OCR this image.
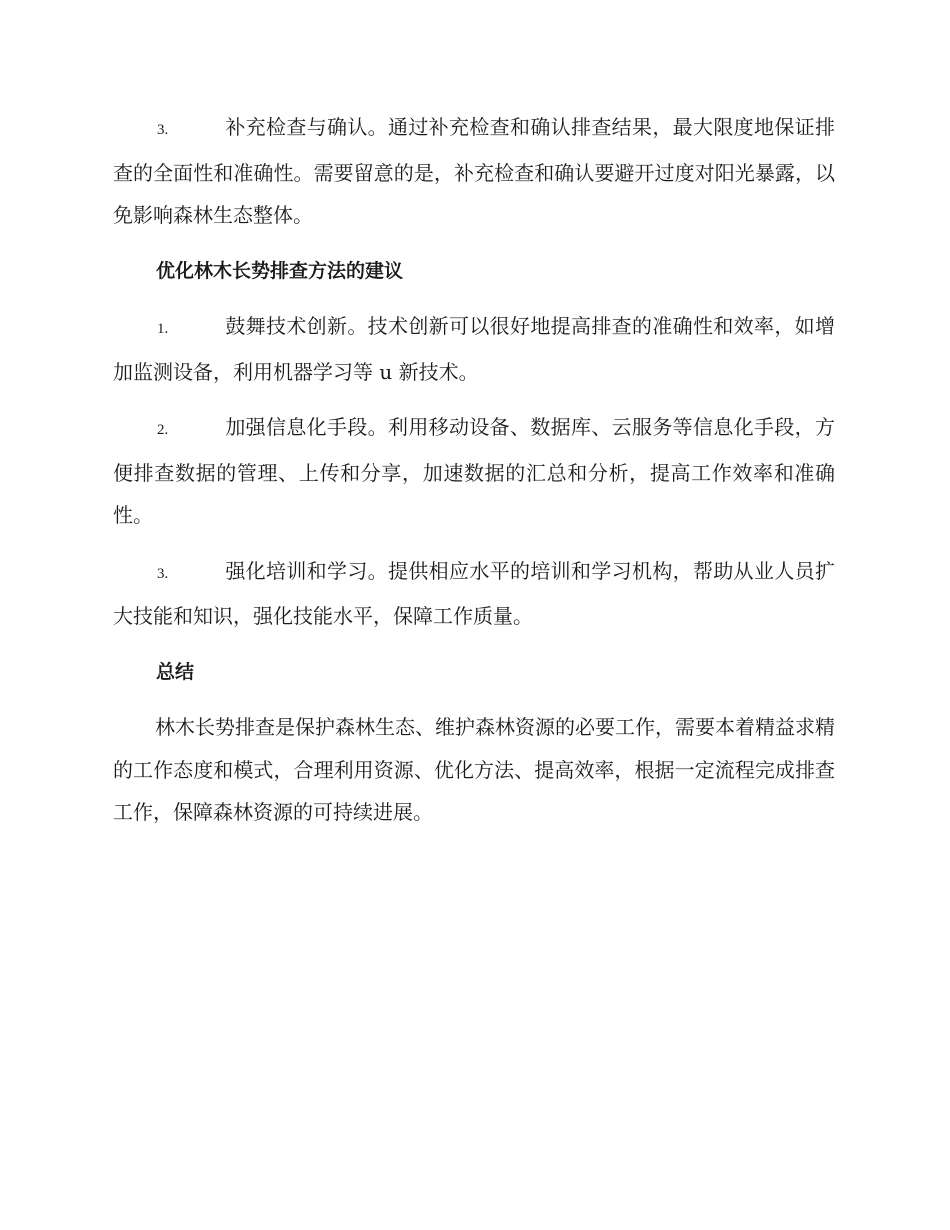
3.	补充检查与确认。通过补充检查和确认排查结果，最大限度地保证排查的全面性和准确性。需要留意的是，补充检查和确认要避开过度对阳光暴露，以免影响森林生态整体。

优化林木长势排查方法的建议

1.	鼓舞技术创新。技术创新可以很好地提高排查的准确性和效率，如增加监测设备，利用机器学习等 u 新技术。

2.	加强信息化手段。利用移动设备、数据库、云服务等信息化手段，方便排查数据的管理、上传和分享，加速数据的汇总和分析，提高工作效率和准确性。

3.	强化培训和学习。提供相应水平的培训和学习机构，帮助从业人员扩大技能和知识，强化技能水平，保障工作质量。

总结

林木长势排查是保护森林生态、维护森林资源的必要工作，需要本着精益求精的工作态度和模式，合理利用资源、优化方法、提高效率，根据一定流程完成排查工作，保障森林资源的可持续进展。
